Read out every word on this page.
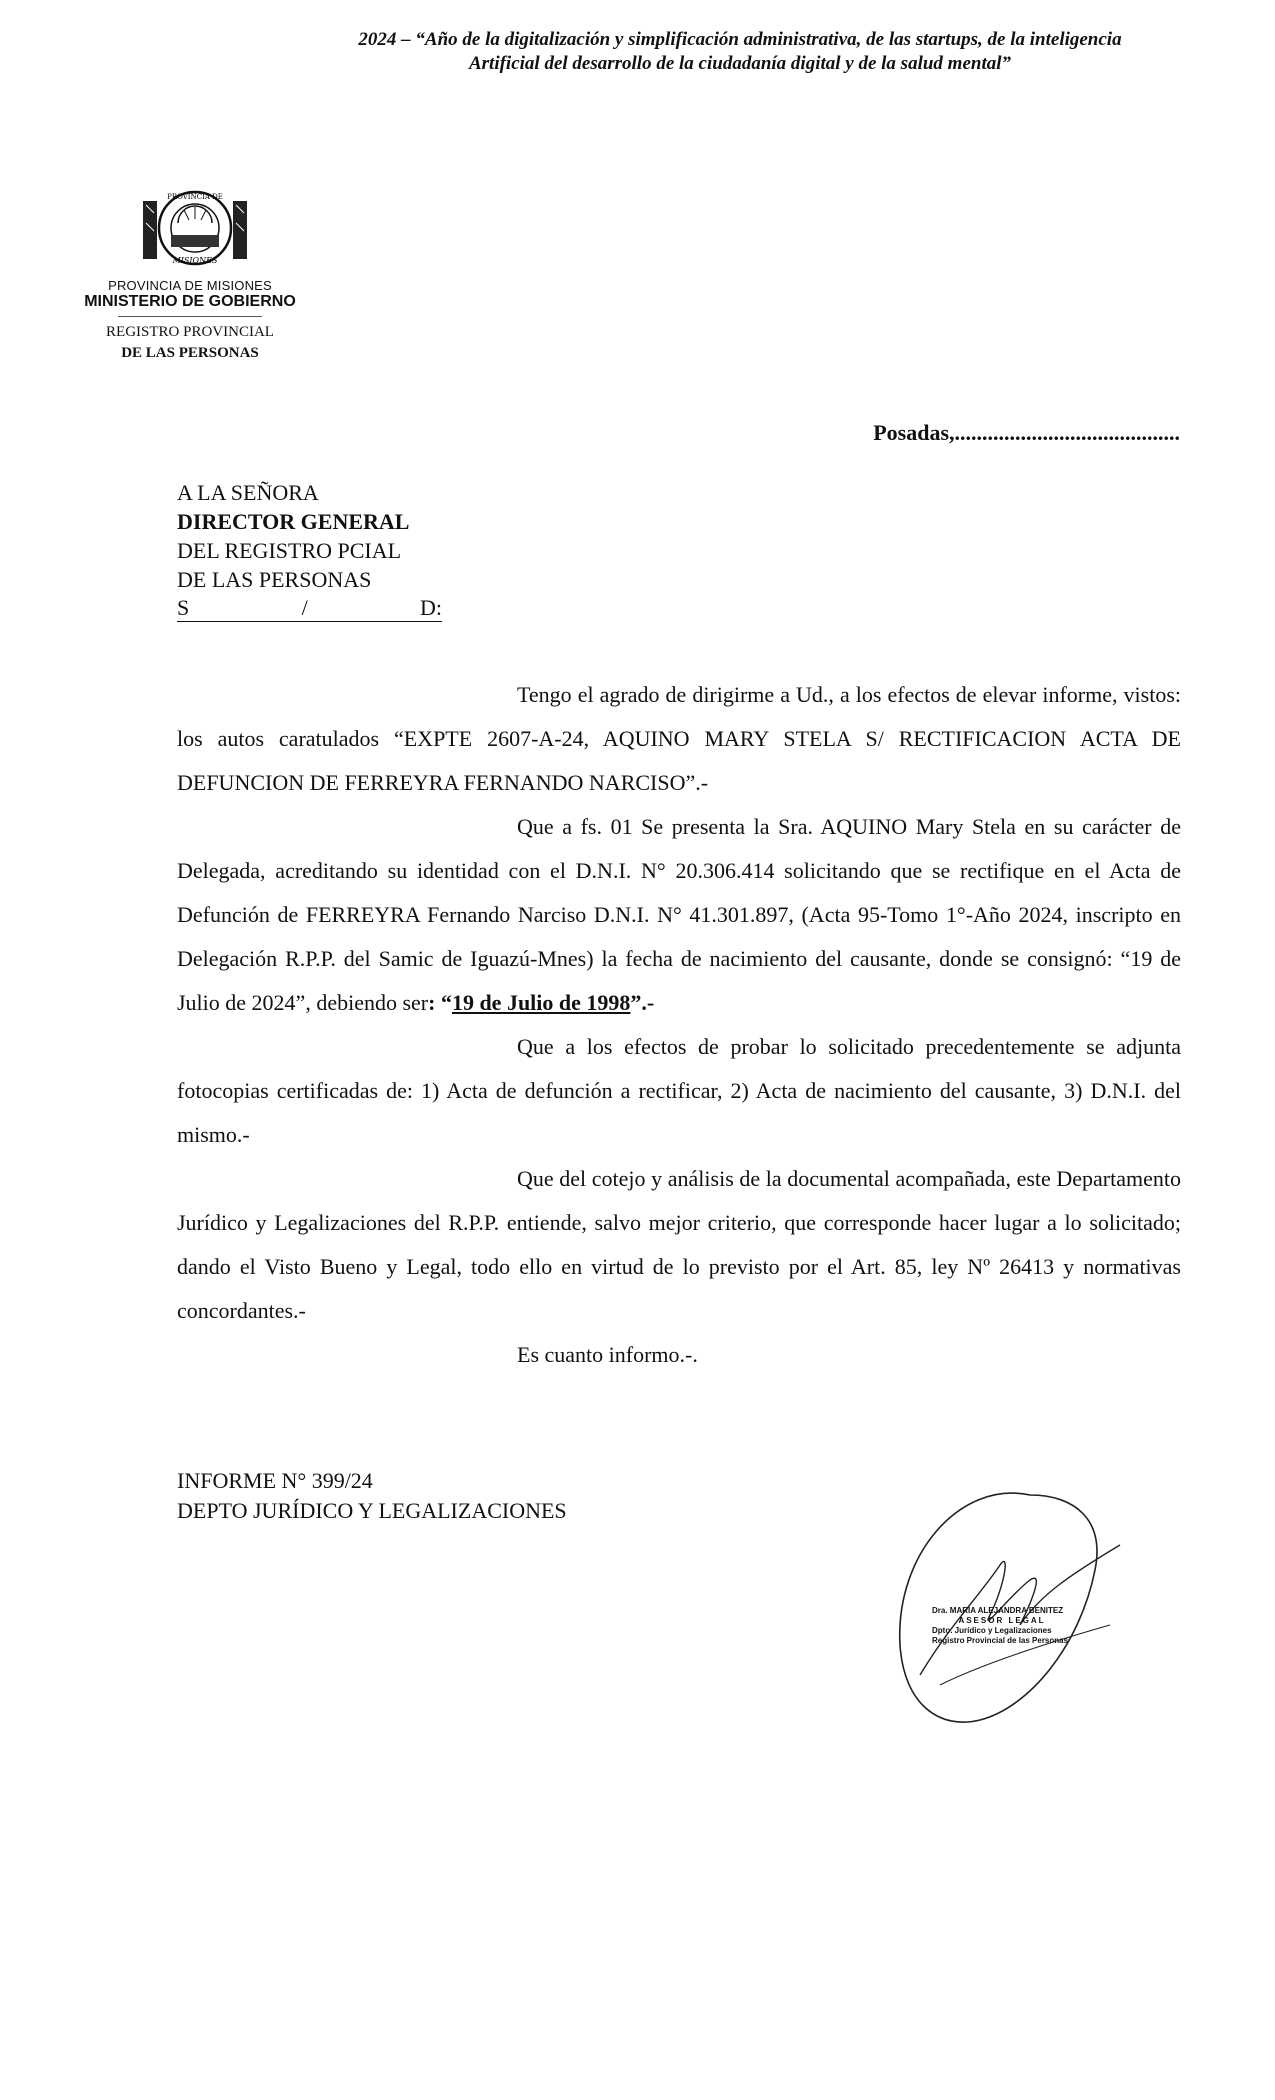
2024 – “Año de la digitalización y simplificación administrativa, de las startups, de la inteligencia
Artificial del desarrollo de la ciudadanía digital y de la salud mental”
PROVINCIA DE
MISIONES
PROVINCIA DE MISIONES
MINISTERIO DE GOBIERNO
REGISTRO PROVINCIAL
DE LAS PERSONAS
Posadas,.........................................
A LA SEÑORA
DIRECTOR GENERAL
DEL REGISTRO PCIAL
DE LAS PERSONAS
S	/	D:

Tengo el agrado de dirigirme a Ud., a los efectos de elevar informe, vistos: los autos caratulados “EXPTE 2607-A-24, AQUINO MARY STELA S/ RECTIFICACION ACTA DE DEFUNCION DE FERREYRA FERNANDO NARCISO”.-

Que a fs. 01 Se presenta la Sra. AQUINO Mary Stela en su carácter de Delegada, acreditando su identidad con el D.N.I. N° 20.306.414 solicitando que se rectifique en el Acta de Defunción de FERREYRA Fernando Narciso D.N.I. N° 41.301.897, (Acta 95-Tomo 1°-Año 2024, inscripto en Delegación R.P.P. del Samic de Iguazú-Mnes) la fecha de nacimiento del causante, donde se consignó: “19 de Julio de 2024”, debiendo ser: “19 de Julio de 1998”.-

Que a los efectos de probar lo solicitado precedentemente se adjunta fotocopias certificadas de: 1) Acta de defunción a rectificar, 2) Acta de nacimiento del causante, 3) D.N.I. del mismo.-

Que del cotejo y análisis de la documental acompañada, este Departamento Jurídico y Legalizaciones del R.P.P. entiende, salvo mejor criterio, que corresponde hacer lugar a lo solicitado; dando el Visto Bueno y Legal, todo ello en virtud de lo previsto por el Art. 85, ley Nº 26413 y normativas concordantes.-

Es cuanto informo.-.

INFORME N° 399/24
DEPTO JURÍDICO Y LEGALIZACIONES
Dra. MARIA ALEJANDRA BENITEZ
ASESOR LEGAL
Dpto. Jurídico y Legalizaciones
Registro Provincial de las Personas
